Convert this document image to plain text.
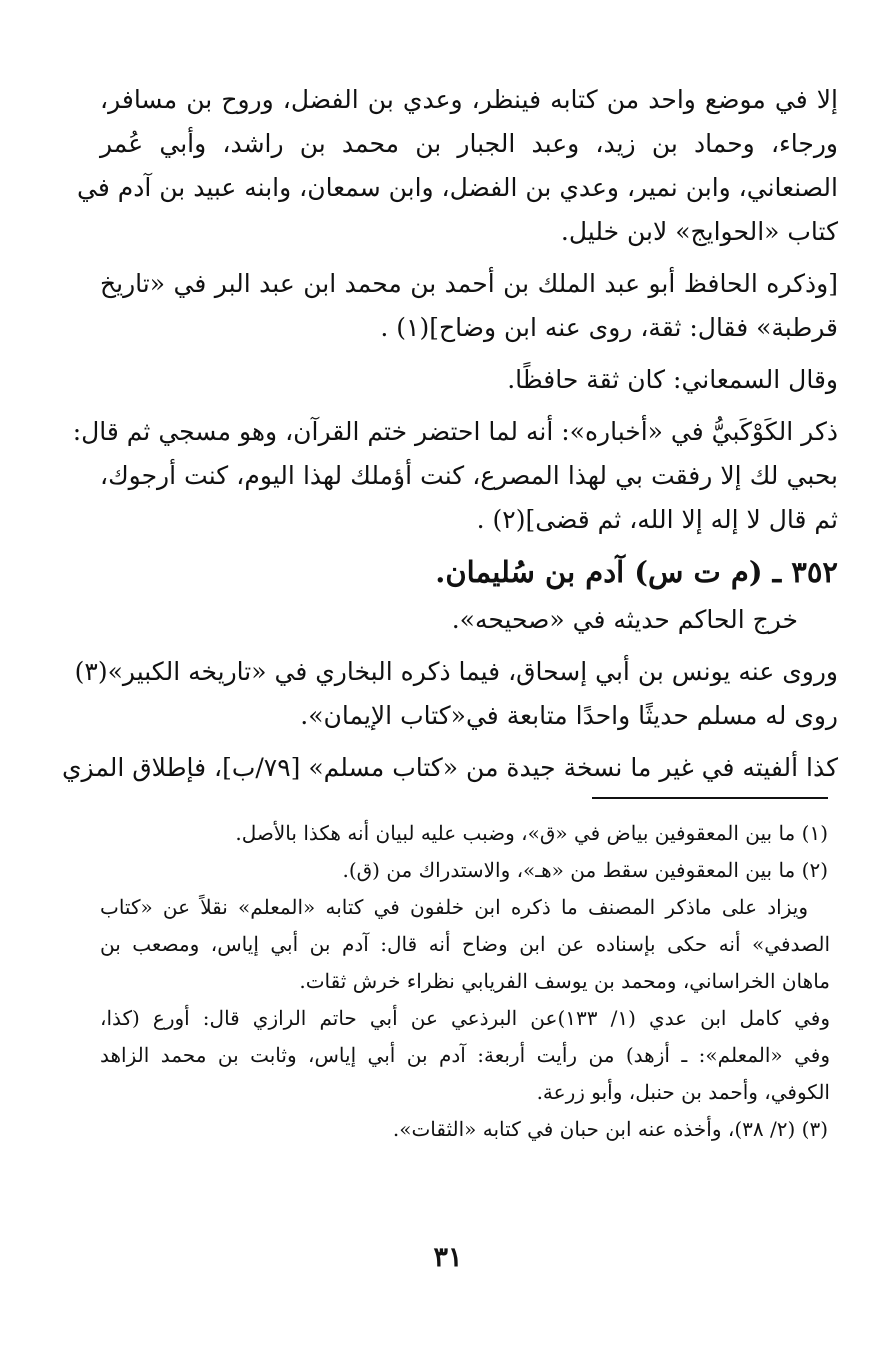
إلا في موضع واحد من كتابه فينظر، وعدي بن الفضل، وروح بن مسافر،
ورجاء، وحماد بن زيد، وعبد الجبار بن محمد بن راشد، وأبي عُمر
الصنعاني، وابن نمير، وعدي بن الفضل، وابن سمعان، وابنه عبيد بن آدم في
كتاب «الحوايج» لابن خليل.
[وذكره الحافظ أبو عبد الملك بن أحمد بن محمد ابن عبد البر في «تاريخ
قرطبة» فقال: ثقة، روى عنه ابن وضاح](١) .
وقال السمعاني: كان ثقة حافظًا.
ذكر الكَوْكَبيُّ في «أخباره»: أنه لما احتضر ختم القرآن، وهو مسجي ثم قال:
بحبي لك إلا رفقت بي لهذا المصرع، كنت أؤملك لهذا اليوم، كنت أرجوك،
ثم قال لا إله إلا الله، ثم قضى](٢) .
٣٥٢ ـ (م ت س) آدم بن سُليمان.
خرج الحاكم حديثه في «صحيحه».
وروى عنه يونس بن أبي إسحاق، فيما ذكره البخاري في «تاريخه الكبير»(٣)
روى له مسلم حديثًا واحدًا متابعة في«كتاب الإيمان».
كذا ألفيته في غير ما نسخة جيدة من «كتاب مسلم» [٧٩/ب]، فإطلاق المزي
(١) ما بين المعقوفين بياض في «ق»، وضبب عليه لبيان أنه هكذا بالأصل.
(٢) ما بين المعقوفين سقط من «هـ»، والاستدراك من (ق).
ويزاد على ماذكر المصنف ما ذكره ابن خلفون في كتابه «المعلم» نقلاً عن «كتاب
الصدفي» أنه حكى بإسناده عن ابن وضاح أنه قال: آدم بن أبي إياس، ومصعب بن
ماهان الخراساني، ومحمد بن يوسف الفريابي نظراء خرش ثقات.
وفي كامل ابن عدي (١/ ١٣٣)عن البرذعي عن أبي حاتم الرازي قال: أورع (كذا،
وفي «المعلم»: ـ أزهد) من رأيت أربعة: آدم بن أبي إياس، وثابت بن محمد الزاهد
الكوفي، وأحمد بن حنبل، وأبو زرعة.
(٣) (٢/ ٣٨)، وأخذه عنه ابن حبان في كتابه «الثقات».
٣١
